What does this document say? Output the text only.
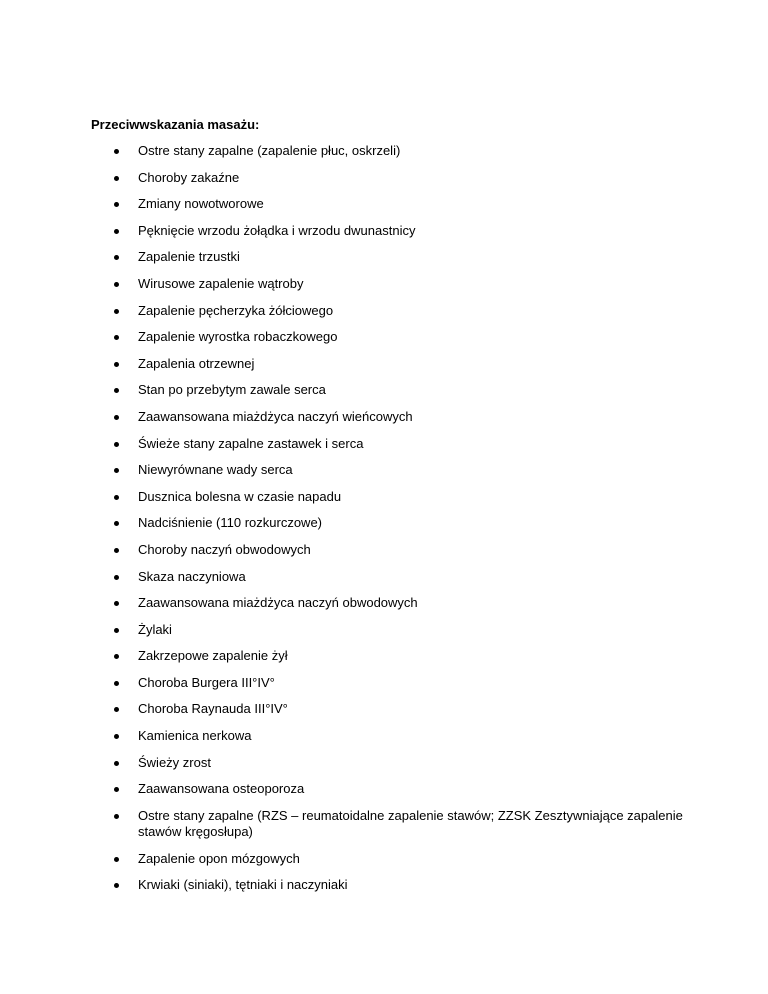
Przeciwwskazania masażu:

Ostre stany zapalne (zapalenie płuc, oskrzeli)
Choroby zakaźne
Zmiany nowotworowe
Pęknięcie wrzodu żołądka i wrzodu dwunastnicy
Zapalenie trzustki
Wirusowe zapalenie wątroby
Zapalenie pęcherzyka żółciowego
Zapalenie wyrostka robaczkowego
Zapalenia otrzewnej
Stan po przebytym zawale serca
Zaawansowana miażdżyca naczyń wieńcowych
Świeże stany zapalne zastawek i serca
Niewyrównane wady serca
Dusznica bolesna w czasie napadu
Nadciśnienie (110 rozkurczowe)
Choroby naczyń obwodowych
Skaza naczyniowa
Zaawansowana miażdżyca naczyń obwodowych
Żylaki
Zakrzepowe zapalenie żył
Choroba Burgera III°IV°
Choroba Raynauda III°IV°
Kamienica nerkowa
Świeży zrost
Zaawansowana osteoporoza
Ostre stany zapalne (RZS – reumatoidalne zapalenie stawów; ZZSK Zesztywniające zapalenie stawów kręgosłupa)
Zapalenie opon mózgowych
Krwiaki (siniaki), tętniaki i naczyniaki
